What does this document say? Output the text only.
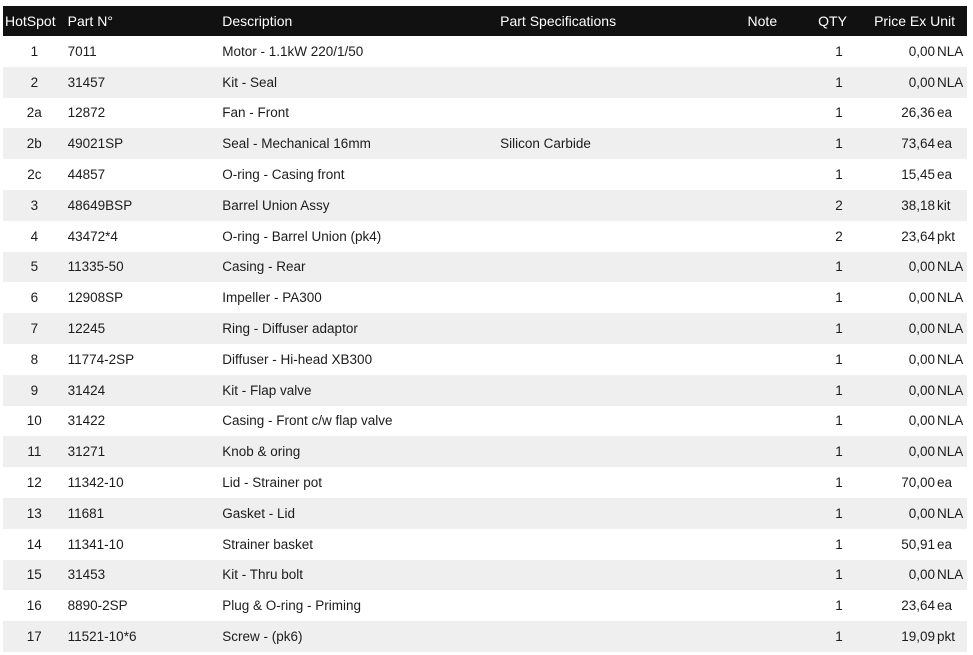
HotSpot	Part N°	Description	Part Specifications	Note	QTY	Price Ex Unit
1	7011	Motor - 1.1kW 220/1/50			1	0,00 NLA
2	31457	Kit - Seal			1	0,00 NLA
2a	12872	Fan - Front			1	26,36 ea
2b	49021SP	Seal - Mechanical 16mm	Silicon Carbide		1	73,64 ea
2c	44857	O-ring - Casing front			1	15,45 ea
3	48649BSP	Barrel Union Assy			2	38,18 kit
4	43472*4	O-ring - Barrel Union (pk4)			2	23,64 pkt
5	11335-50	Casing - Rear			1	0,00 NLA
6	12908SP	Impeller - PA300			1	0,00 NLA
7	12245	Ring - Diffuser adaptor			1	0,00 NLA
8	11774-2SP	Diffuser - Hi-head XB300			1	0,00 NLA
9	31424	Kit - Flap valve			1	0,00 NLA
10	31422	Casing - Front c/w flap valve			1	0,00 NLA
11	31271	Knob & oring			1	0,00 NLA
12	11342-10	Lid - Strainer pot			1	70,00 ea
13	11681	Gasket - Lid			1	0,00 NLA
14	11341-10	Strainer basket			1	50,91 ea
15	31453	Kit - Thru bolt			1	0,00 NLA
16	8890-2SP	Plug & O-ring - Priming			1	23,64 ea
17	11521-10*6	Screw - (pk6)			1	19,09 pkt
